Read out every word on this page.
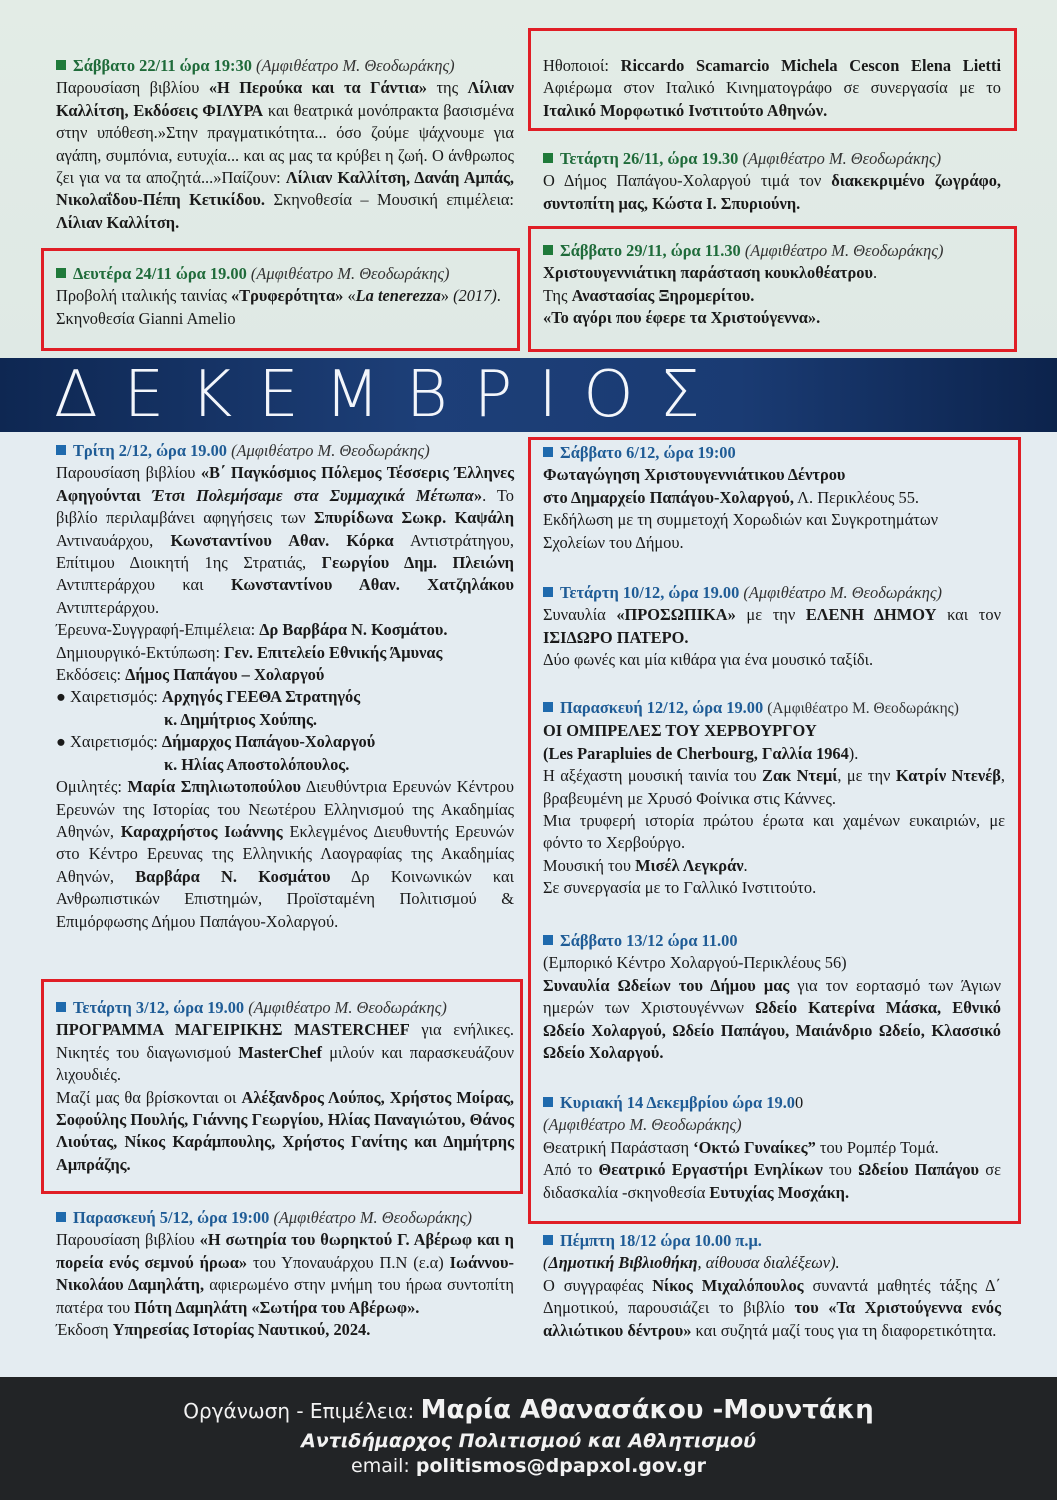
ΔΕΚΕΜΒΡΙΟΣ

Σάββατο 22/11 ώρα 19:30 (Αμφιθέατρο Μ. Θεοδωράκης)

Παρουσίαση βιβλίου «Η Περούκα και τα Γάντια» της Λίλιαν Καλλίτση, Εκδόσεις ΦΙΛΥΡΑ και θεατρικά μονόπρακτα βασισμένα στην υπόθεση.»Στην πραγματικότητα... όσο ζούμε ψάχνουμε για αγάπη, συμπόνια, ευτυχία... και ας μας τα κρύβει η ζωή. Ο άνθρωπος ζει για να τα αποζητά...»Παίζουν: Λίλιαν Καλλίτση, Δανάη Αμπάς, Νικολαΐδου-Πέπη Κετικίδου. Σκηνοθεσία – Μουσική επιμέλεια: Λίλιαν Καλλίτση.

Δευτέρα 24/11 ώρα 19.00 (Αμφιθέατρο Μ. Θεοδωράκης)

Προβολή ιταλικής ταινίας «Τρυφερότητα» «La tenerezza» (2017). Σκηνοθεσία Gianni Amelio

Ηθοποιοί: Riccardo Scamarcio Michela Cescon Elena Lietti Αφιέρωμα στον Ιταλικό Κινηματογράφο σε συνεργασία με το Ιταλικό Μορφωτικό Ινστιτούτο Αθηνών.

Τετάρτη 26/11, ώρα 19.30 (Αμφιθέατρο Μ. Θεοδωράκης)

Ο Δήμος Παπάγου-Χολαργού τιμά τον διακεκριμένο ζωγράφο, συντοπίτη μας, Κώστα Ι. Σπυριούνη.

Σάββατο 29/11, ώρα 11.30 (Αμφιθέατρο Μ. Θεοδωράκης)

Χριστουγεννιάτικη παράσταση κουκλοθέατρου.

Της Αναστασίας Ξηρομερίτου.

«Το αγόρι που έφερε τα Χριστούγεννα».

Τρίτη 2/12, ώρα 19.00 (Αμφιθέατρο Μ. Θεοδωράκης)

Παρουσίαση βιβλίου «Β΄ Παγκόσμιος Πόλεμος Τέσσερις Έλληνες Αφηγούνται Έτσι Πολεμήσαμε στα Συμμαχικά Μέτωπα». Το βιβλίο περιλαμβάνει αφηγήσεις των Σπυρίδωνα Σωκρ. Καψάλη Αντιναυάρχου, Κωνσταντίνου Αθαν. Κόρκα Αντιστράτηγου, Επίτιμου Διοικητή 1ης Στρατιάς, Γεωργίου Δημ. Πλειώνη Αντιπτεράρχου και Κωνσταντίνου Αθαν. Χατζηλάκου Αντιπτεράρχου.

Έρευνα-Συγγραφή-Επιμέλεια: Δρ Βαρβάρα Ν. Κοσμάτου.

Δημιουργικό-Εκτύπωση: Γεν. Επιτελείο Εθνικής Άμυνας

Εκδόσεις: Δήμος Παπάγου – Χολαργού

● Χαιρετισμός: Αρχηγός ΓΕΕΘΑ Στρατηγός

κ. Δημήτριος Χούπης.

● Χαιρετισμός: Δήμαρχος Παπάγου-Χολαργού

κ. Ηλίας Αποστολόπουλος.

Ομιλητές: Μαρία Σπηλιωτοπούλου Διευθύντρια Ερευνών Κέντρου Ερευνών της Ιστορίας του Νεωτέρου Ελληνισμού της Ακαδημίας Αθηνών, Καραχρήστος Ιωάννης Εκλεγμένος Διευθυντής Ερευνών στο Κέντρο Ερευνας της Ελληνικής Λαογραφίας της Ακαδημίας Αθηνών, Βαρβάρα Ν. Κοσμάτου Δρ Κοινωνικών και Ανθρωπιστικών Επιστημών, Προϊσταμένη Πολιτισμού & Επιμόρφωσης Δήμου Παπάγου-Χολαργού.

Τετάρτη 3/12, ώρα 19.00 (Αμφιθέατρο Μ. Θεοδωράκης)

ΠΡΟΓΡΑΜΜΑ ΜΑΓΕΙΡΙΚΗΣ MASTERCHEF για ενήλικες. Νικητές του διαγωνισμού MasterChef μιλούν και παρασκευάζουν λιχουδιές.

Μαζί μας θα βρίσκονται οι Αλέξανδρος Λούπος, Χρήστος Μοίρας, Σοφούλης Πουλής, Γιάννης Γεωργίου, Ηλίας Παναγιώτου, Θάνος Λιούτας, Νίκος Καράμπουλης, Χρήστος Γανίτης και Δημήτρης Αμπράζης.

Παρασκευή 5/12, ώρα 19:00 (Αμφιθέατρο Μ. Θεοδωράκης)

Παρουσίαση βιβλίου «Η σωτηρία του θωρηκτού Γ. Αβέρωφ και η πορεία ενός σεμνού ήρωα» του Υποναυάρχου Π.Ν (ε.α) Ιωάννου-Νικολάου Δαμηλάτη, αφιερωμένο στην μνήμη του ήρωα συντοπίτη πατέρα του Πότη Δαμηλάτη «Σωτήρα του Αβέρωφ».

Έκδοση Υπηρεσίας Ιστορίας Ναυτικού, 2024.

Σάββατο 6/12, ώρα 19:00

Φωταγώγηση Χριστουγεννιάτικου Δέντρου

στο Δημαρχείο Παπάγου-Χολαργού, Λ. Περικλέους 55.

Εκδήλωση με τη συμμετοχή Χορωδιών και Συγκροτημάτων Σχολείων του Δήμου.

Τετάρτη 10/12, ώρα 19.00 (Αμφιθέατρο Μ. Θεοδωράκης)

Συναυλία «ΠΡΟΣΩΠΙΚΑ» με την ΕΛΕΝΗ ΔΗΜΟΥ και τον ΙΣΙΔΩΡΟ ΠΑΤΕΡΟ.

Δύο φωνές και μία κιθάρα για ένα μουσικό ταξίδι.

Παρασκευή 12/12, ώρα 19.00 (Αμφιθέατρο Μ. Θεοδωράκης)

ΟΙ ΟΜΠΡΕΛΕΣ ΤΟΥ ΧΕΡΒΟΥΡΓΟΥ

(Les Parapluies de Cherbourg, Γαλλία 1964).

Η αξέχαστη μουσική ταινία του Ζακ Ντεμί, με την Κατρίν Ντενέβ, βραβευμένη με Χρυσό Φοίνικα στις Κάννες.

Μια τρυφερή ιστορία πρώτου έρωτα και χαμένων ευκαιριών, με φόντο το Χερβούργο.

Μουσική του Μισέλ Λεγκράν.

Σε συνεργασία με το Γαλλικό Ινστιτούτο.

Σάββατο 13/12 ώρα 11.00

(Εμπορικό Κέντρο Χολαργού-Περικλέους 56)

Συναυλία Ωδείων του Δήμου μας για τον εορτασμό των Άγιων ημερών των Χριστουγέννων Ωδείο Κατερίνα Μάσκα, Εθνικό Ωδείο Χολαργού, Ωδείο Παπάγου, Μαιάνδριο Ωδείο, Κλασσικό Ωδείο Χολαργού.

Κυριακή 14 Δεκεμβρίου ώρα 19.00

(Αμφιθέατρο Μ. Θεοδωράκης)

Θεατρική Παράσταση ‘Οκτώ Γυναίκες” του Ρομπέρ Τομά.

Από το Θεατρικό Εργαστήρι Ενηλίκων του Ωδείου Παπάγου σε διδασκαλία -σκηνοθεσία Ευτυχίας Μοσχάκη.

Πέμπτη 18/12 ώρα 10.00 π.μ.

(Δημοτική Βιβλιοθήκη, αίθουσα διαλέξεων).

Ο συγγραφέας Νίκος Μιχαλόπουλος συναντά μαθητές τάξης Δ΄ Δημοτικού, παρουσιάζει το βιβλίο του «Τα Χριστούγεννα ενός αλλιώτικου δέντρου» και συζητά μαζί τους για τη διαφορετικότητα.

Οργάνωση - Επιμέλεια: Μαρία Αθανασάκου -Μουντάκη
Αντιδήμαρχος Πολιτισμού και Αθλητισμού
email: politismos@dpapxol.gov.gr
